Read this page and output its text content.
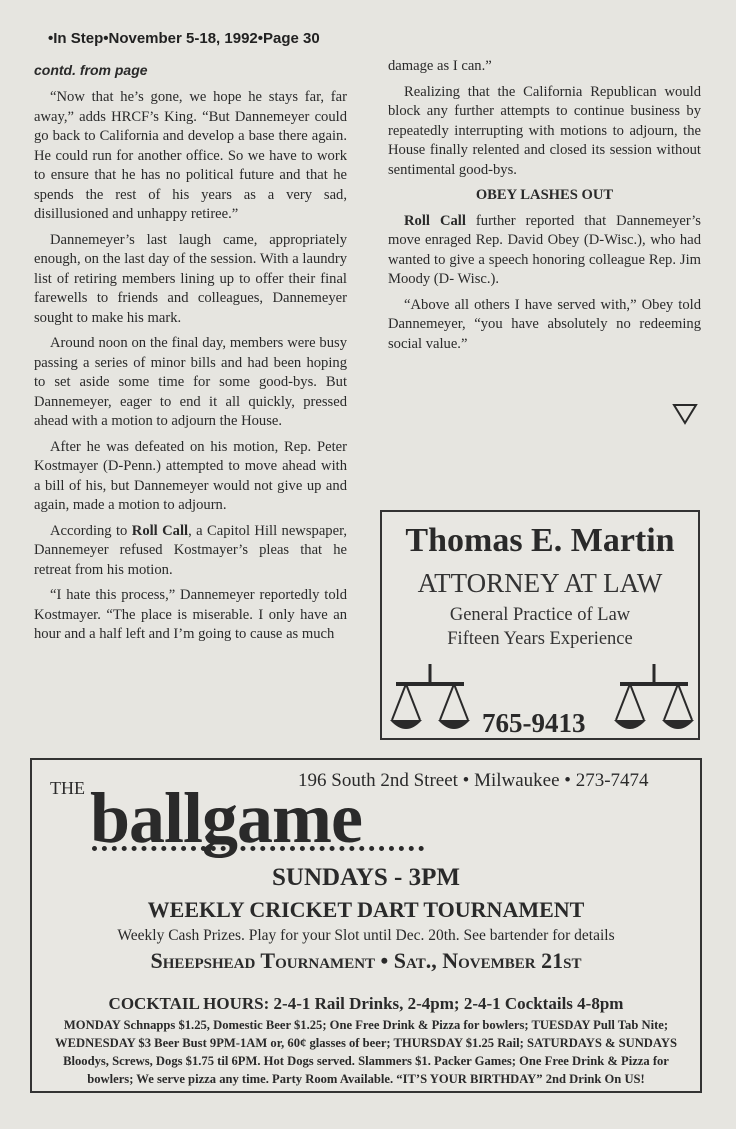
•In Step•November 5-18, 1992•Page 30
contd. from page

“Now that he’s gone, we hope he stays far, far away,” adds HRCF’s King. “But Dannemeyer could go back to California and develop a base there again. He could run for another office. So we have to work to ensure that he has no political future and that he spends the rest of his years as a very sad, disillusioned and unhappy retiree.”

Dannemeyer’s last laugh came, appropriately enough, on the last day of the session. With a laundry list of retiring members lining up to offer their final farewells to friends and colleagues, Dannemeyer sought to make his mark.

Around noon on the final day, members were busy passing a series of minor bills and had been hoping to set aside some time for some good-bys. But Dannemeyer, eager to end it all quickly, pressed ahead with a motion to adjourn the House.

After he was defeated on his motion, Rep. Peter Kostmayer (D-Penn.) attempted to move ahead with a bill of his, but Dannemeyer would not give up and again, made a motion to adjourn.

According to Roll Call, a Capitol Hill newspaper, Dannemeyer refused Kostmayer’s pleas that he retreat from his motion.

“I hate this process,” Dannemeyer reportedly told Kostmayer. “The place is miserable. I only have an hour and a half left and I’m going to cause as much

damage as I can.”

Realizing that the California Republican would block any further attempts to continue business by repeatedly interrupting with motions to adjourn, the House finally relented and closed its session without sentimental good-bys.

OBEY LASHES OUT

Roll Call further reported that Dannemeyer’s move enraged Rep. David Obey (D-Wisc.), who had wanted to give a speech honoring colleague Rep. Jim Moody (D- Wisc.).

“Above all others I have served with,” Obey told Dannemeyer, “you have absolutely no redeeming social value.”

Thomas E. Martin
ATTORNEY AT LAW
General Practice of Law
Fifteen Years Experience
765-9413
THE	196 South 2nd Street • Milwaukee • 273-7474
ballgame
SUNDAYS - 3PM
WEEKLY CRICKET DART TOURNAMENT
Weekly Cash Prizes. Play for your Slot until Dec. 20th. See bartender for details
Sheepshead Tournament • Sat., November 21st
COCKTAIL HOURS: 2-4-1 Rail Drinks, 2-4pm; 2-4-1 Cocktails 4-8pm
MONDAY Schnapps $1.25, Domestic Beer $1.25; One Free Drink & Pizza for bowlers; TUESDAY Pull Tab Nite; WEDNESDAY $3 Beer Bust 9PM-1AM or, 60¢ glasses of beer; THURSDAY $1.25 Rail; SATURDAYS & SUNDAYS Bloodys, Screws, Dogs $1.75 til 6PM. Hot Dogs served. Slammers $1. Packer Games; One Free Drink & Pizza for bowlers; We serve pizza any time. Party Room Available. “IT’S YOUR BIRTHDAY” 2nd Drink On US!
